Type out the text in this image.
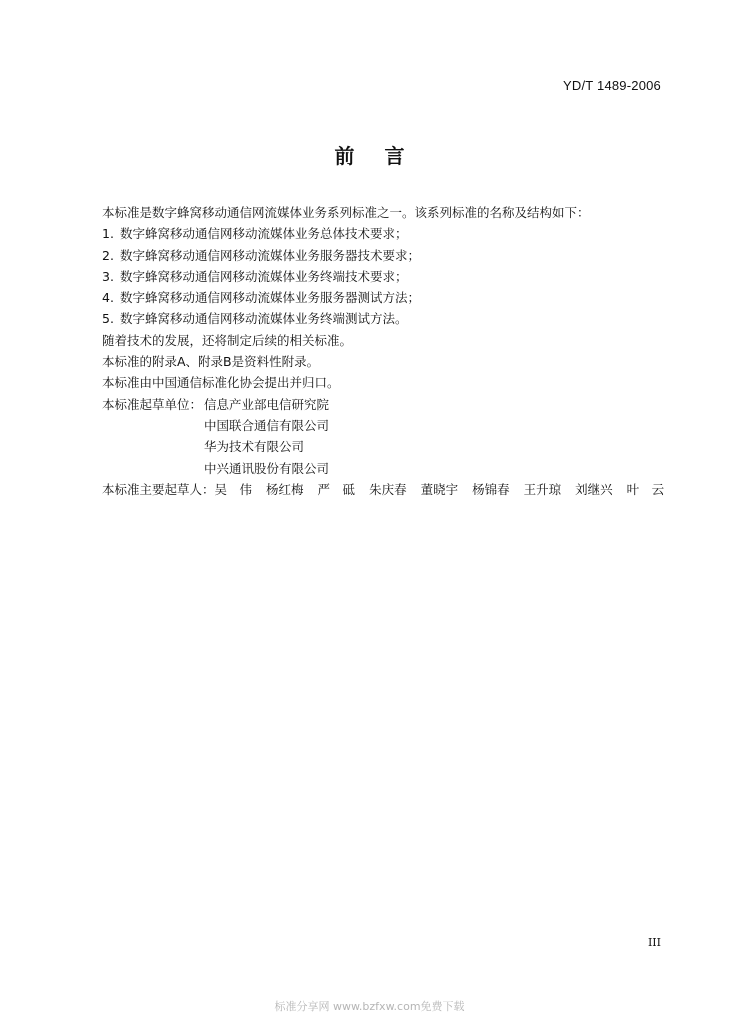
YD/T 1489-2006
前言
本标准是数字蜂窝移动通信网流媒体业务系列标准之一。该系列标准的名称及结构如下：
1. 数字蜂窝移动通信网移动流媒体业务总体技术要求；
2. 数字蜂窝移动通信网移动流媒体业务服务器技术要求；
3. 数字蜂窝移动通信网移动流媒体业务终端技术要求；
4. 数字蜂窝移动通信网移动流媒体业务服务器测试方法；
5. 数字蜂窝移动通信网移动流媒体业务终端测试方法。
随着技术的发展，还将制定后续的相关标准。
本标准的附录A、附录B是资料性附录。
本标准由中国通信标准化协会提出并归口。
本标准起草单位： 信息产业部电信研究院
中国联合通信有限公司
华为技术有限公司
中兴通讯股份有限公司
本标准主要起草人： 吴　伟 杨红梅 严　砥 朱庆春 董晓宇 杨锦春 王升琼 刘继兴 叶　云
III
标准分享网 www.bzfxw.com免费下载
